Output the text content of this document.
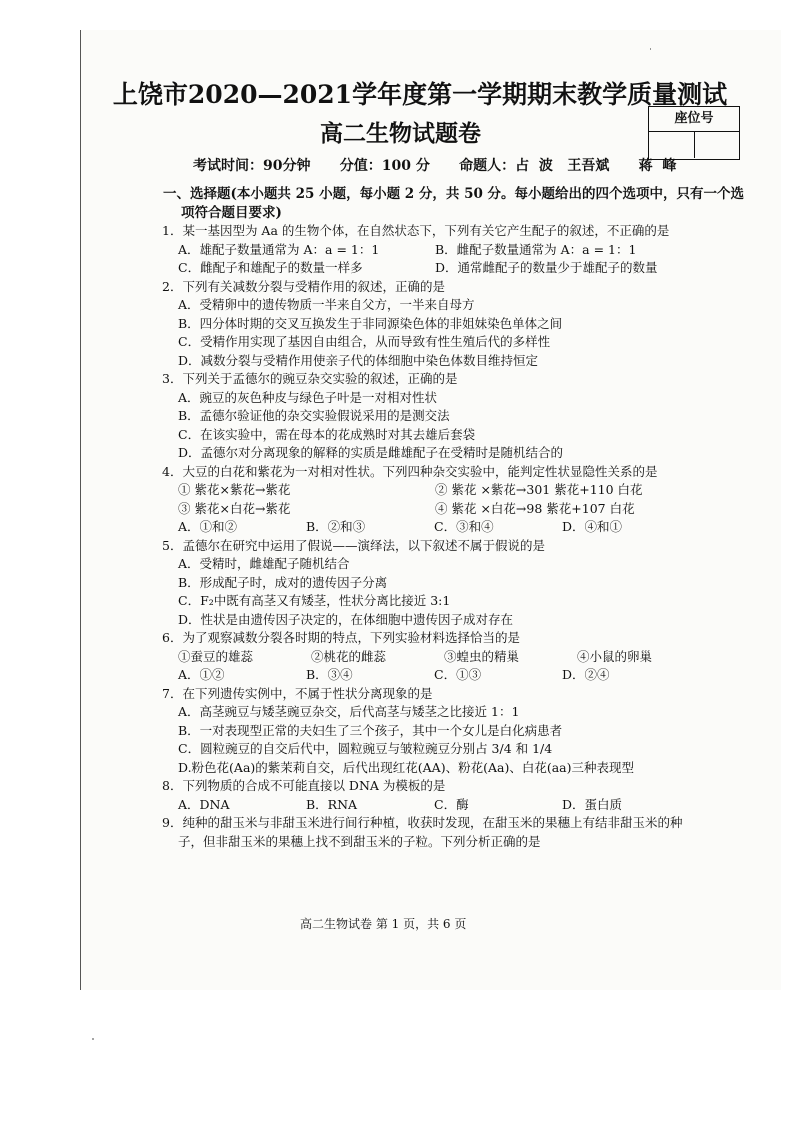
上饶市2020—2021学年度第一学期期末教学质量测试
高二生物试题卷
座位号
考试时间：90分钟      分值：100 分      命题人：占  波   王吾斌      蒋  峰
一、选择题(本小题共 25 小题，每小题 2 分，共 50 分。每小题给出的四个选项中，只有一个选
项符合题目要求)
1．某一基因型为 Aa 的生物个体，在自然状态下，下列有关它产生配子的叙述，不正确的是
A．雄配子数量通常为 A：a = 1：1	B．雌配子数量通常为 A：a = 1：1
C．雌配子和雄配子的数量一样多	D．通常雌配子的数量少于雄配子的数量
2．下列有关减数分裂与受精作用的叙述，正确的是
A．受精卵中的遗传物质一半来自父方，一半来自母方
B．四分体时期的交叉互换发生于非同源染色体的非姐妹染色单体之间
C．受精作用实现了基因自由组合，从而导致有性生殖后代的多样性
D．减数分裂与受精作用使亲子代的体细胞中染色体数目维持恒定
3．下列关于孟德尔的豌豆杂交实验的叙述，正确的是
A．豌豆的灰色种皮与绿色子叶是一对相对性状
B．孟德尔验证他的杂交实验假说采用的是测交法
C．在该实验中，需在母本的花成熟时对其去雄后套袋
D．孟德尔对分离现象的解释的实质是雌雄配子在受精时是随机结合的
4．大豆的白花和紫花为一对相对性状。下列四种杂交实验中，能判定性状显隐性关系的是
① 紫花×紫花→紫花	② 紫花 ×紫花→301 紫花+110 白花
③ 紫花×白花→紫花	④ 紫花 ×白花→98 紫花+107 白花
A．①和②	B．②和③	C．③和④	D．④和①
5．孟德尔在研究中运用了假说——演绎法，以下叙述不属于假说的是
A．受精时，雌雄配子随机结合
B．形成配子时，成对的遗传因子分离
C．F₂中既有高茎又有矮茎，性状分离比接近 3:1
D．性状是由遗传因子决定的，在体细胞中遗传因子成对存在
6．为了观察减数分裂各时期的特点，下列实验材料选择恰当的是
①蚕豆的雄蕊	②桃花的雌蕊	③蝗虫的精巢	④小鼠的卵巢
A．①②	B．③④	C．①③	D．②④
7．在下列遗传实例中，不属于性状分离现象的是
A．高茎豌豆与矮茎豌豆杂交，后代高茎与矮茎之比接近 1：1
B．一对表现型正常的夫妇生了三个孩子，其中一个女儿是白化病患者
C．圆粒豌豆的自交后代中，圆粒豌豆与皱粒豌豆分别占 3/4 和 1/4
D.粉色花(Aa)的紫茉莉自交，后代出现红花(AA)、粉花(Aa)、白花(aa)三种表现型
8．下列物质的合成不可能直接以 DNA 为模板的是
A．DNA	B．RNA	C．酶	D．蛋白质
9．纯种的甜玉米与非甜玉米进行间行种植，收获时发现，在甜玉米的果穗上有结非甜玉米的种
子，但非甜玉米的果穗上找不到甜玉米的子粒。下列分析正确的是
高二生物试卷 第 1 页，共 6 页
